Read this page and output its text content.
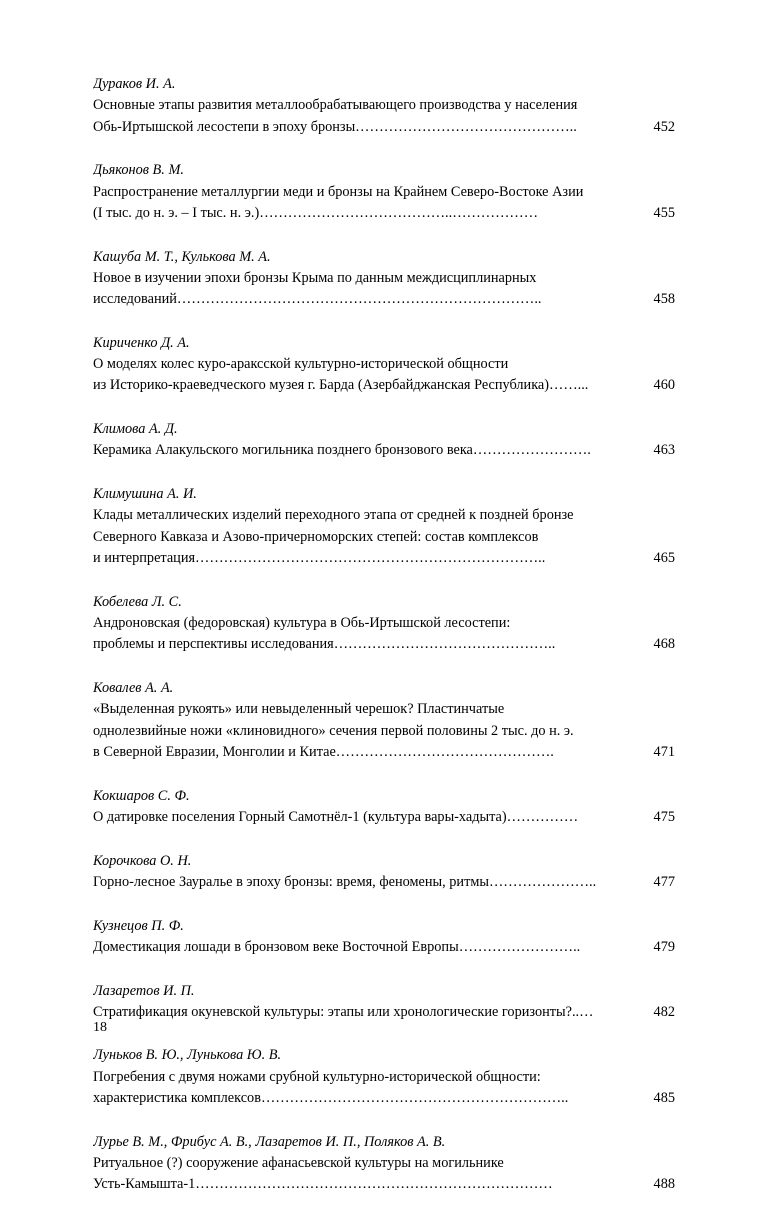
Дураков И. А.
Основные этапы развития металлообрабатывающего производства у населения
Обь-Иртышской лесостепи в эпоху бронзы………………………………………..	452
Дьяконов В. М.
Распространение металлургии меди и бронзы на Крайнем Северо-Востоке Азии
(I тыс. до н. э. – I тыс. н. э.)…………………………………..………………	455
Кашуба М. Т., Кулькова М. А.
Новое в изучении эпохи бронзы Крыма по данным междисциплинарных
исследований…………………………………………………………………..	458
Кириченко Д. А.
О моделях колес куро-араксской культурно-исторической общности
из Историко-краеведческого музея г. Барда (Азербайджанская Республика)……...	460
Климова А. Д.
Керамика Алакульского могильника позднего бронзового века…………………….	463
Климушина А. И.
Клады металлических изделий переходного этапа от средней к поздней бронзе
Северного Кавказа и Азово-причерноморских степей: состав комплексов
и интерпретация………………………………………………………………..	465
Кобелева Л. С.
Андроновская (федоровская) культура в Обь-Иртышской лесостепи:
проблемы и перспективы исследования………………………………………..	468
Ковалев А. А.
«Выделенная рукоять» или невыделенный черешок? Пластинчатые
однолезвийные ножи «клиновидного» сечения первой половины 2 тыс. до н. э.
в Северной Евразии, Монголии и Китае……………………………………….	471
Кокшаров С. Ф.
О датировке поселения Горный Самотнёл-1 (культура вары-хадыта)……………	475
Корочкова О. Н.
Горно-лесное Зауралье в эпоху бронзы: время, феномены, ритмы…………………..	477
Кузнецов П. Ф.
Доместикация лошади в бронзовом веке Восточной Европы……………………..	479
Лазаретов И. П.
Стратификация окуневской культуры: этапы или хронологические горизонты?..…	482
Луньков В. Ю., Лунькова Ю. В.
Погребения с двумя ножами срубной культурно-исторической общности:
характеристика комплексов………………………………………………………..	485
Лурье В. М., Фрибус А. В., Лазаретов И. П., Поляков А. В.
Ритуальное (?) сооружение афанасьевской культуры на могильнике
Усть-Камышта-1…………………………………………………………………	488
18
